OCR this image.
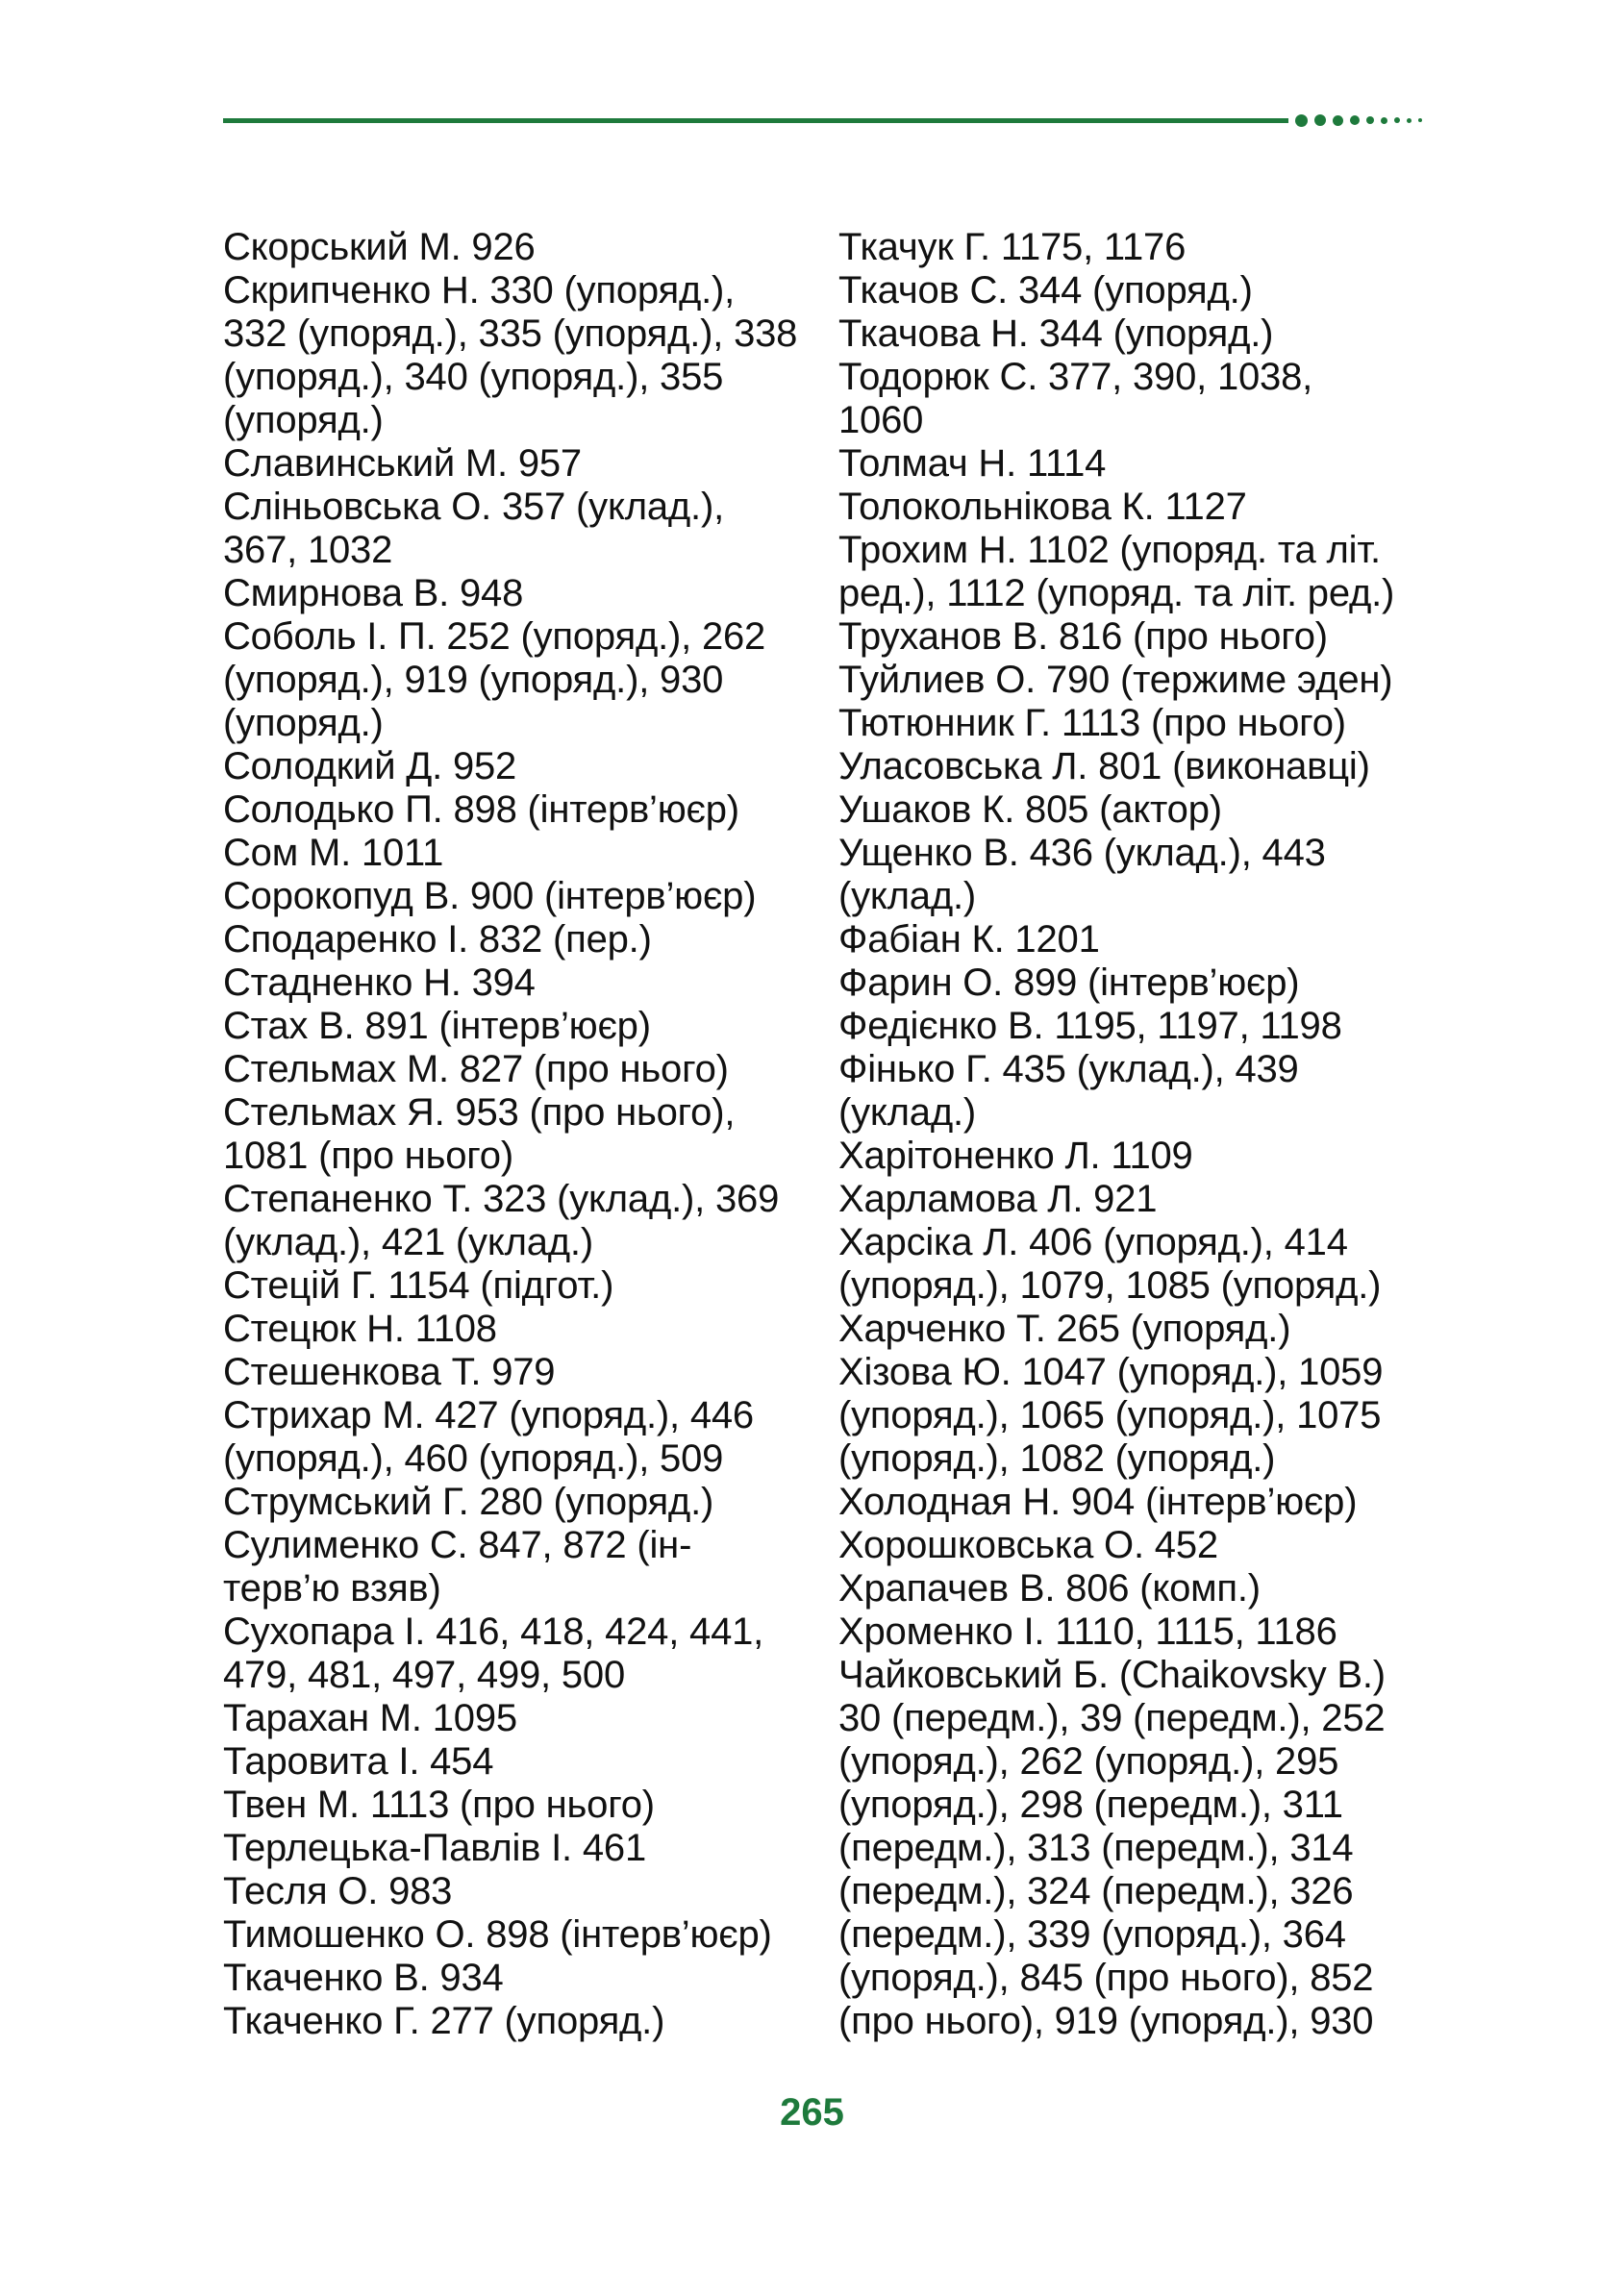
Скорський М. 926
Скрипченко Н. 330 (упоряд.),
332 (упоряд.), 335 (упоряд.), 338
(упоряд.), 340 (упоряд.), 355
(упоряд.)
Славинський М. 957
Сліньовська О. 357 (уклад.),
367, 1032
Смирнова В. 948
Соболь І. П. 252 (упоряд.), 262
(упоряд.), 919 (упоряд.), 930
(упоряд.)
Солодкий Д. 952
Солодько П. 898 (інтерв’юєр)
Сом М. 1011
Сорокопуд В. 900 (інтерв’юєр)
Сподаренко І. 832 (пер.)
Стадненко Н. 394
Стах В. 891 (інтерв’юєр)
Стельмах М. 827 (про нього)
Стельмах Я. 953 (про нього),
1081 (про нього)
Степаненко Т. 323 (уклад.), 369
(уклад.), 421 (уклад.)
Стецій Г. 1154 (підгот.)
Стецюк Н. 1108
Стешенкова Т. 979
Стрихар М. 427 (упоряд.), 446
(упоряд.), 460 (упоряд.), 509
Струмський Г. 280 (упоряд.)
Сулименко С. 847, 872 (ін-
терв’ю взяв)
Сухопара І. 416, 418, 424, 441,
479, 481, 497, 499, 500
Тарахан М. 1095
Таровита І. 454
Твен М. 1113 (про нього)
Терлецька-Павлів І. 461
Тесля О. 983
Тимошенко О. 898 (інтерв’юєр)
Ткаченко В. 934
Ткаченко Г. 277 (упоряд.)
Ткачук Г. 1175, 1176
Ткачов С. 344 (упоряд.)
Ткачова Н. 344 (упоряд.)
Тодорюк С. 377, 390, 1038,
1060
Толмач Н. 1114
Толокольнікова К. 1127
Трохим Н. 1102 (упоряд. та літ.
ред.), 1112 (упоряд. та літ. ред.)
Труханов В. 816 (про нього)
Туйлиев О. 790 (тержиме эден)
Тютюнник Г. 1113 (про нього)
Уласовська Л. 801 (виконавці)
Ушаков К. 805 (актор)
Ущенко В. 436 (уклад.), 443
(уклад.)
Фабіан К. 1201
Фарин О. 899 (інтерв’юєр)
Федієнко В. 1195, 1197, 1198
Фінько Г. 435 (уклад.), 439
(уклад.)
Харітоненко Л. 1109
Харламова Л. 921
Харсіка Л. 406 (упоряд.), 414
(упоряд.), 1079, 1085 (упоряд.)
Харченко Т. 265 (упоряд.)
Хізова Ю. 1047 (упоряд.), 1059
(упоряд.), 1065 (упоряд.), 1075
(упоряд.), 1082 (упоряд.)
Холодная Н. 904 (інтерв’юєр)
Хорошковська О. 452
Храпачев В. 806 (комп.)
Хроменко І. 1110, 1115, 1186
Чайковський Б. (Chaikovsky B.)
30 (передм.), 39 (передм.), 252
(упоряд.), 262 (упоряд.), 295
(упоряд.), 298 (передм.), 311
(передм.), 313 (передм.), 314
(передм.), 324 (передм.), 326
(передм.), 339 (упоряд.), 364
(упоряд.), 845 (про нього), 852
(про нього), 919 (упоряд.), 930
265
